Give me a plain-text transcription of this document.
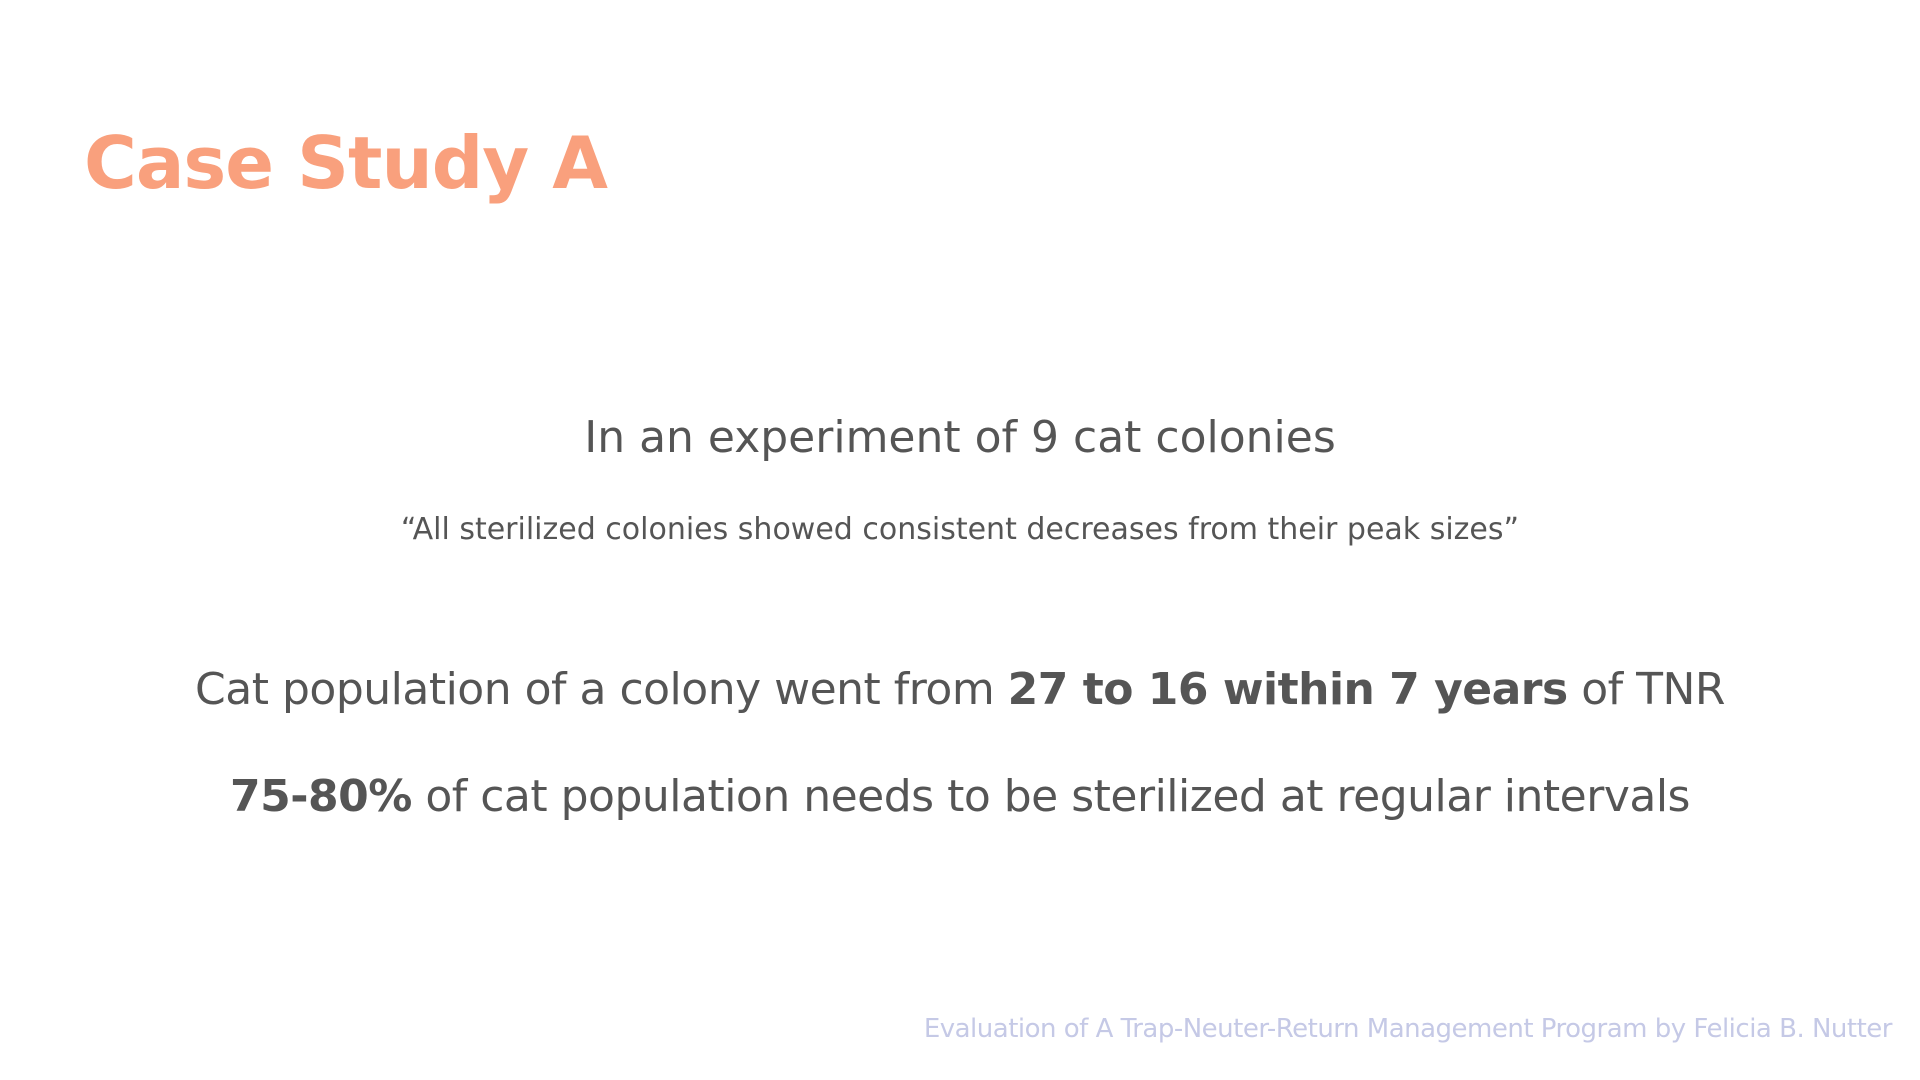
Case Study A

In an experiment of 9 cat colonies

“All sterilized colonies showed consistent decreases from their peak sizes”

Cat population of a colony went from 27 to 16 within 7 years of TNR

75-80% of cat population needs to be sterilized at regular intervals

Evaluation of A Trap-Neuter-Return Management Program by Felicia B. Nutter
